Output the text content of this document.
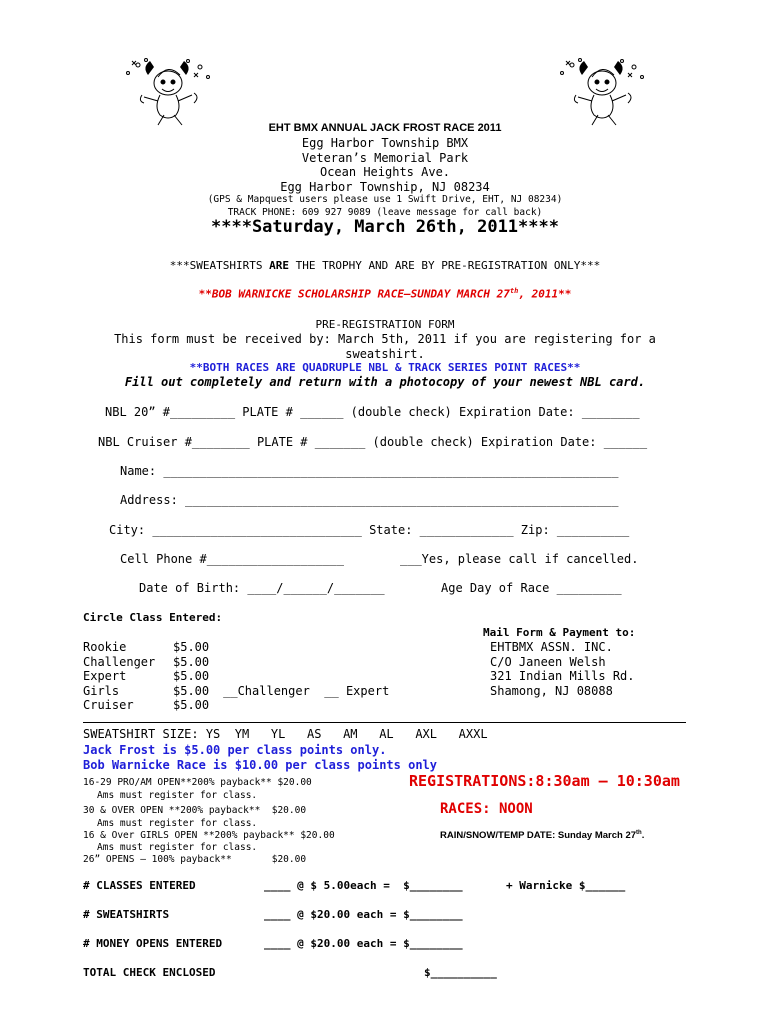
EHT BMX ANNUAL JACK FROST RACE 2011
Egg Harbor Township BMX
Veteran’s Memorial Park
Ocean Heights Ave.
Egg Harbor Township, NJ 08234
(GPS & Mapquest users please use 1 Swift Drive, EHT, NJ 08234)
TRACK PHONE: 609 927 9089 (leave message for call back)
****Saturday, March 26th, 2011****
***SWEATSHIRTS ARE THE TROPHY AND ARE BY PRE-REGISTRATION ONLY***
**BOB WARNICKE SCHOLARSHIP RACE—SUNDAY MARCH 27th, 2011**
PRE-REGISTRATION FORM
This form must be received by: March 5th, 2011 if you are registering for a
sweatshirt.
**BOTH RACES ARE QUADRUPLE NBL & TRACK SERIES POINT RACES**
Fill out completely and return with a photocopy of your newest NBL card.
NBL 20” #_________ PLATE # ______ (double check) Expiration Date: ________
NBL Cruiser #________ PLATE # _______ (double check) Expiration Date: ______
Name: _______________________________________________________________
Address: ____________________________________________________________
City: _____________________________ State: _____________ Zip: __________
Cell Phone #___________________	___Yes, please call if cancelled.
Date of Birth: ____/______/_______	Age Day of Race _________
Circle Class Entered:
Rookie	$5.00
Challenger $5.00
Expert	$5.00
Girls	$5.00 __Challenger  __ Expert
Cruiser	$5.00
Mail Form & Payment to:
EHTBMX ASSN. INC.
C/O Janeen Welsh
321 Indian Mills Rd.
Shamong, NJ 08088
SWEATSHIRT SIZE: YS  YM   YL   AS   AM   AL   AXL   AXXL
Jack Frost is $5.00 per class points only.
Bob Warnicke Race is $10.00 per class points only
16-29 PRO/AM OPEN**200% payback** $20.00
Ams must register for class.
30 & OVER OPEN **200% payback**  $20.00
Ams must register for class.
16 & Over GIRLS OPEN **200% payback** $20.00
Ams must register for class.
26” OPENS – 100% payback**       $20.00
REGISTRATIONS:8:30am – 10:30am
RACES: NOON
RAIN/SNOW/TEMP DATE: Sunday March 27th.
# CLASSES ENTERED	____ @ $ 5.00each =  $________	+ Warnicke $______
# SWEATSHIRTS	____ @ $20.00 each = $________
# MONEY OPENS ENTERED	____ @ $20.00 each = $________
TOTAL CHECK ENCLOSED	$__________
